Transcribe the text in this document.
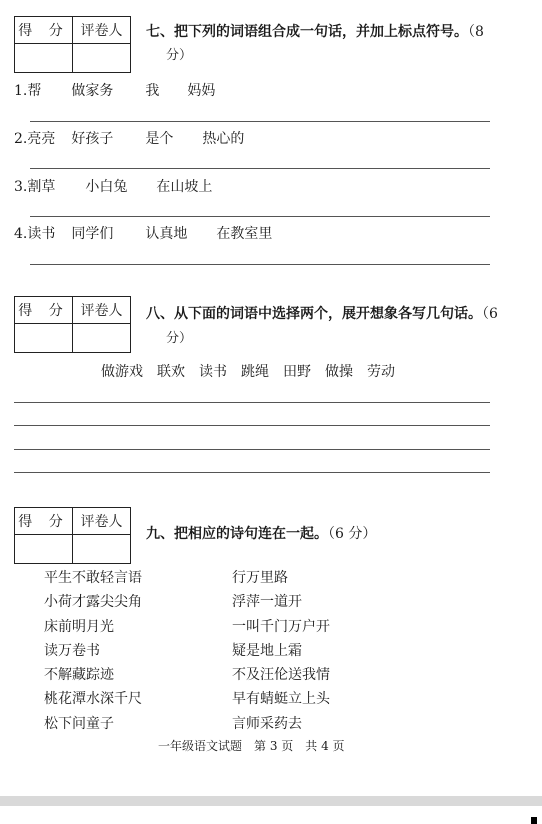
得 分	评卷人
	七、把下列的词语组合成一句话，并加上标点符号。（8
分）
1.帮 做家务 我 妈妈
2.亮亮 好孩子 是个 热心的
3.割草 小白兔 在山坡上
4.读书 同学们 认真地 在教室里
得 分	评卷人
	八、从下面的词语中选择两个，展开想象各写几句话。（6
分）
做游戏 联欢 读书 跳绳 田野 做操 劳动
得 分	评卷人

九、把相应的诗句连在一起。（6 分）
平生不敢轻言语
小荷才露尖尖角
床前明月光
读万卷书
不解藏踪迹
桃花潭水深千尺
松下问童子
行万里路
浮萍一道开
一叫千门万户开
疑是地上霜
不及汪伦送我情
早有蜻蜓立上头
言师采药去
一年级语文试题　第 3 页　共 4 页
